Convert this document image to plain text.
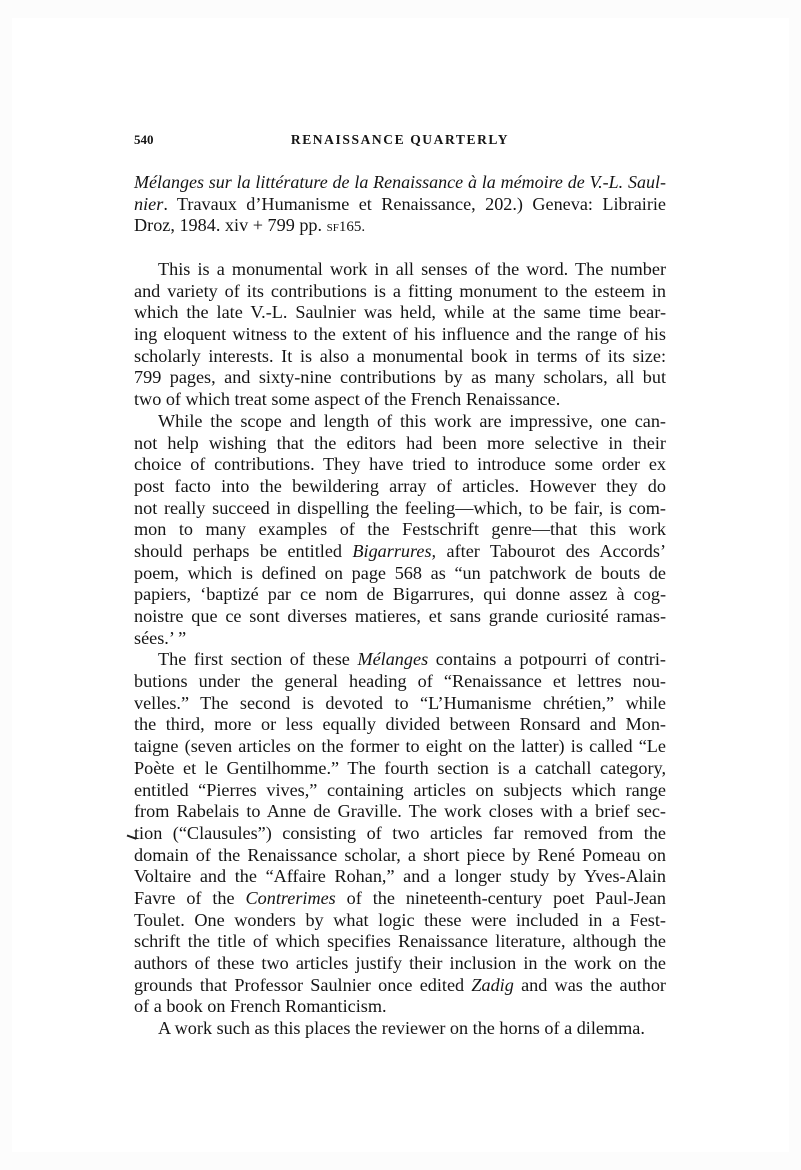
540	RENAISSANCE QUARTERLY
Mélanges sur la littérature de la Renaissance à la mémoire de V.-L. Saul-
nier. Travaux d’Humanisme et Renaissance, 202.) Geneva: Librairie
Droz, 1984. xiv + 799 pp. sf165.
This is a monumental work in all senses of the word. The number
and variety of its contributions is a fitting monument to the esteem in
which the late V.-L. Saulnier was held, while at the same time bear-
ing eloquent witness to the extent of his influence and the range of his
scholarly interests. It is also a monumental book in terms of its size:
799 pages, and sixty-nine contributions by as many scholars, all but
two of which treat some aspect of the French Renaissance.
While the scope and length of this work are impressive, one can-
not help wishing that the editors had been more selective in their
choice of contributions. They have tried to introduce some order ex
post facto into the bewildering array of articles. However they do
not really succeed in dispelling the feeling—which, to be fair, is com-
mon to many examples of the Festschrift genre—that this work
should perhaps be entitled Bigarrures, after Tabourot des Accords’
poem, which is defined on page 568 as “un patchwork de bouts de
papiers, ‘baptizé par ce nom de Bigarrures, qui donne assez à cog-
noistre que ce sont diverses matieres, et sans grande curiosité ramas-
sées.’ ”
The first section of these Mélanges contains a potpourri of contri-
butions under the general heading of “Renaissance et lettres nou-
velles.” The second is devoted to “L’Humanisme chrétien,” while
the third, more or less equally divided between Ronsard and Mon-
taigne (seven articles on the former to eight on the latter) is called “Le
Poète et le Gentilhomme.” The fourth section is a catchall category,
entitled “Pierres vives,” containing articles on subjects which range
from Rabelais to Anne de Graville. The work closes with a brief sec-
tion (“Clausules”) consisting of two articles far removed from the
domain of the Renaissance scholar, a short piece by René Pomeau on
Voltaire and the “Affaire Rohan,” and a longer study by Yves-Alain
Favre of the Contrerimes of the nineteenth-century poet Paul-Jean
Toulet. One wonders by what logic these were included in a Fest-
schrift the title of which specifies Renaissance literature, although the
authors of these two articles justify their inclusion in the work on the
grounds that Professor Saulnier once edited Zadig and was the author
of a book on French Romanticism.
A work such as this places the reviewer on the horns of a dilemma.
